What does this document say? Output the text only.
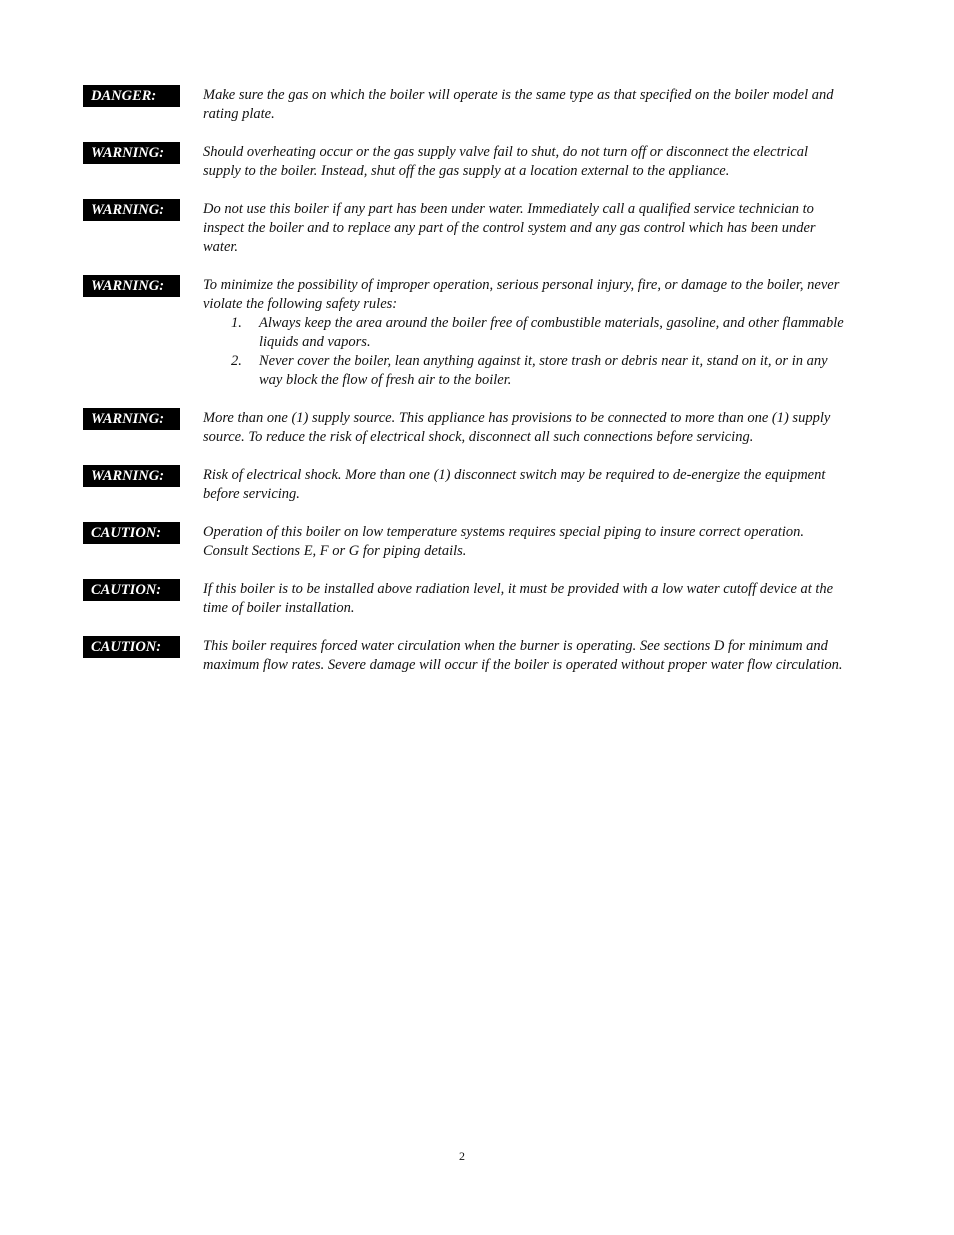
DANGER:	Make sure the gas on which the boiler will operate is the same type as that specified on the boiler model and rating plate.

WARNING:	Should overheating occur or the gas supply valve fail to shut, do not turn off or disconnect the electrical supply to the boiler. Instead, shut off the gas supply at a location external to the appliance.

WARNING:	Do not use this boiler if any part has been under water. Immediately call a qualified service technician to inspect the boiler and to replace any part of the control system and any gas control which has been under water.

WARNING:	To minimize the possibility of improper operation, serious personal injury, fire, or damage to the boiler, never violate the following safety rules:

1.	Always keep the area around the boiler free of combustible materials, gasoline, and other flammable liquids and vapors.
2.	Never cover the boiler, lean anything against it, store trash or debris near it, stand on it, or in any way block the flow of fresh air to the boiler.
WARNING:	More than one (1) supply source. This appliance has provisions to be connected to more than one (1) supply source. To reduce the risk of electrical shock, disconnect all such connections before servicing.

WARNING:	Risk of electrical shock. More than one (1) disconnect switch may be required to de-energize the equipment before servicing.

CAUTION:	Operation of this boiler on low temperature systems requires special piping to insure correct operation. Consult Sections E, F or G for piping details.

CAUTION:	If this boiler is to be installed above radiation level, it must be provided with a low water cutoff device at the time of boiler installation.

CAUTION:	This boiler requires forced water circulation when the burner is operating. See sections D for minimum and maximum flow rates. Severe damage will occur if the boiler is operated without proper water flow circulation.

2
